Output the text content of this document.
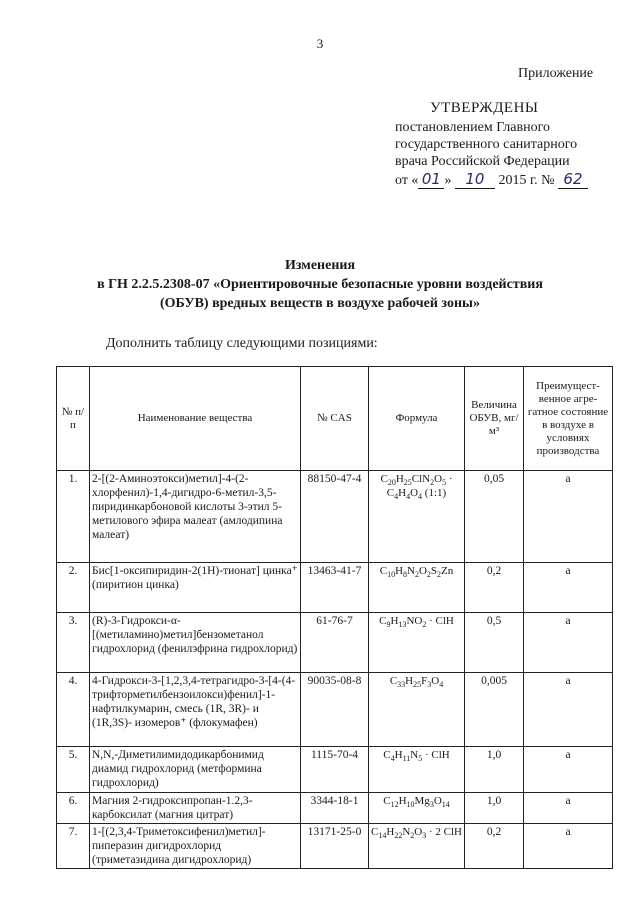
3
Приложение
УТВЕРЖДЕНЫ
постановлением Главного
государственного санитарного
врача Российской Федерации
от « 01 » 10 2015 г. № 62
Изменения
в ГН 2.2.5.2308-07 «Ориентировочные безопасные уровни воздействия
(ОБУВ) вредных веществ в воздухе рабочей зоны»
Дополнить таблицу следующими позициями:
№ п/п	Наименование вещества	№ CAS	Формула	Величина ОБУВ, мг/м³	Преимущест-венное агре-гатное состояние в воздухе в условиях производства
1.	2-[(2-Аминоэтокси)метил]-4-(2-хлорфенил)-1,4-дигидро-6-метил-3,5-пиридинкарбоновой кислоты 3-этил 5-метилового эфира малеат (амлодипина малеат)	88150-47-4	$C_{20}H_{25}ClN_2O_5 \cdot C_4H_4O_4$ (1:1)	0,05	а
2.	Бис[1-оксипиридин-2(1Н)-тионат] цинка⁺ (пиритион цинка)	13463-41-7	$C_{10}H_8N_2O_2S_2Zn$	0,2	а
3.	(R)-3-Гидрокси-α-[(метиламино)метил]бензометанол гидрохлорид (фенилэфрина гидрохлорид)	61-76-7	$C_9H_{13}NO_2$ · ClH	0,5	а
4.	4-Гидрокси-3-[1,2,3,4-тетрагидро-3-[4-(4-трифторметилбензоилокси)фенил]-1-нафтилкумарин, смесь (1R, 3R)- и (1R,3S)- изомеров⁺ (флокумафен)	90035-08-8	$C_{33}H_{25}F_3O_4$	0,005	а
5.	N,N,-Диметилимидодикарбонимид диамид гидрохлорид (метформина гидрохлорид)	1115-70-4	$C_4H_{11}N_5$ · ClH	1,0	а
6.	Магния 2-гидроксипропан-1.2,3-карбоксилат (магния цитрат)	3344-18-1	$C_{12}H_{10}Mg_3O_{14}$	1,0	а
7.	1-[(2,3,4-Триметоксифенил)метил]-пиперазин дигидрохлорид (триметазидина дигидрохлорид)	13171-25-0	$C_{14}H_{22}N_2O_3 \cdot 2$ ClH	0,2	а
